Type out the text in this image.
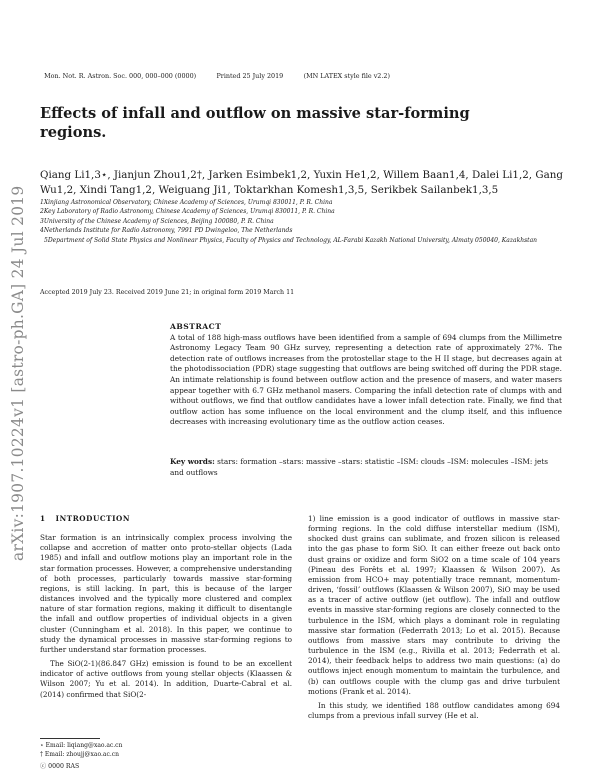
Mon. Not. R. Astron. Soc. 000, 000–000 (0000)	Printed 25 July 2019	(MN LATEX style file v2.2)

Effects of infall and outflow on massive star-forming regions.
Qiang Li1,3⋆, Jianjun Zhou1,2†, Jarken Esimbek1,2, Yuxin He1,2, Willem Baan1,4, Dalei Li1,2, Gang Wu1,2, Xindi Tang1,2, Weiguang Ji1, Toktarkhan Komesh1,3,5, Serikbek Sailanbek1,3,5
1Xinjiang Astronomical Observatory, Chinese Academy of Sciences, Urumqi 830011, P. R. China
2Key Laboratory of Radio Astronomy, Chinese Academy of Sciences, Urumqi 830011, P. R. China
3University of the Chinese Academy of Sciences, Beijing 100080, P. R. China
4Netherlands Institute for Radio Astronomy, 7991 PD Dwingeloo, The Netherlands
5Department of Solid State Physics and Nonlinear Physics, Faculty of Physics and Technology, AL-Farabi Kazakh National University, Almaty 050040, Kazakhstan
Accepted 2019 July 23. Received 2019 June 21; in original form 2019 March 11
arXiv:1907.10224v1 [astro-ph.GA] 24 Jul 2019	ABSTRACT
A total of 188 high-mass outflows have been identified from a sample of 694 clumps from the Millimetre Astronomy Legacy Team 90 GHz survey, representing a detection rate of approximately 27%. The detection rate of outflows increases from the protostellar stage to the H II stage, but decreases again at the photodissociation (PDR) stage suggesting that outflows are being switched off during the PDR stage. An intimate relationship is found between outflow action and the presence of masers, and water masers appear together with 6.7 GHz methanol masers. Comparing the infall detection rate of clumps with and without outflows, we find that outflow candidates have a lower infall detection rate. Finally, we find that outflow action has some influence on the local environment and the clump itself, and this influence decreases with increasing evolutionary time as the outflow action ceases.
Key words: stars: formation –stars: massive –stars: statistic –ISM: clouds –ISM: molecules –ISM: jets and outflows
1 INTRODUCTION

Star formation is an intrinsically complex process involving the collapse and accretion of matter onto proto-stellar objects (Lada 1985) and infall and outflow motions play an important role in the star formation processes. However, a comprehensive understanding of both processes, particularly towards massive star-forming regions, is still lacking. In part, this is because of the larger distances involved and the typically more clustered and complex nature of star formation regions, making it difficult to disentangle the infall and outflow properties of individual objects in a given cluster (Cunningham et al. 2018). In this paper, we continue to study the dynamical processes in massive star-forming regions to further understand star formation processes.

The SiO(2-1)(86.847 GHz) emission is found to be an excellent indicator of active outflows from young stellar objects (Klaassen & Wilson 2007; Yu et al. 2014). In addition, Duarte-Cabral et al. (2014) confirmed that SiO(2-

1) line emission is a good indicator of outflows in massive star-forming regions. In the cold diffuse interstellar medium (ISM), shocked dust grains can sublimate, and frozen silicon is released into the gas phase to form SiO. It can either freeze out back onto dust grains or oxidize and form SiO2 on a time scale of 104 years (Pineau des Forêts et al. 1997; Klaassen & Wilson 2007). As emission from HCO+ may potentially trace remnant, momentum-driven, ‘fossil’ outflows (Klaassen & Wilson 2007), SiO may be used as a tracer of active outflow (jet outflow). The infall and outflow events in massive star-forming regions are closely connected to the turbulence in the ISM, which plays a dominant role in regulating massive star formation (Federrath 2013; Lo et al. 2015). Because outflows from massive stars may contribute to driving the turbulence in the ISM (e.g., Rivilla et al. 2013; Federrath et al. 2014), their feedback helps to address two main questions: (a) do outflows inject enough momentum to maintain the turbulence, and (b) can outflows couple with the clump gas and drive turbulent motions (Frank et al. 2014).

In this study, we identified 188 outflow candidates among 694 clumps from a previous infall survey (He et al.

⋆ Email: liqiang@xao.ac.cn
† Email: zhoujj@xao.ac.cn
ⓒ 0000 RAS
